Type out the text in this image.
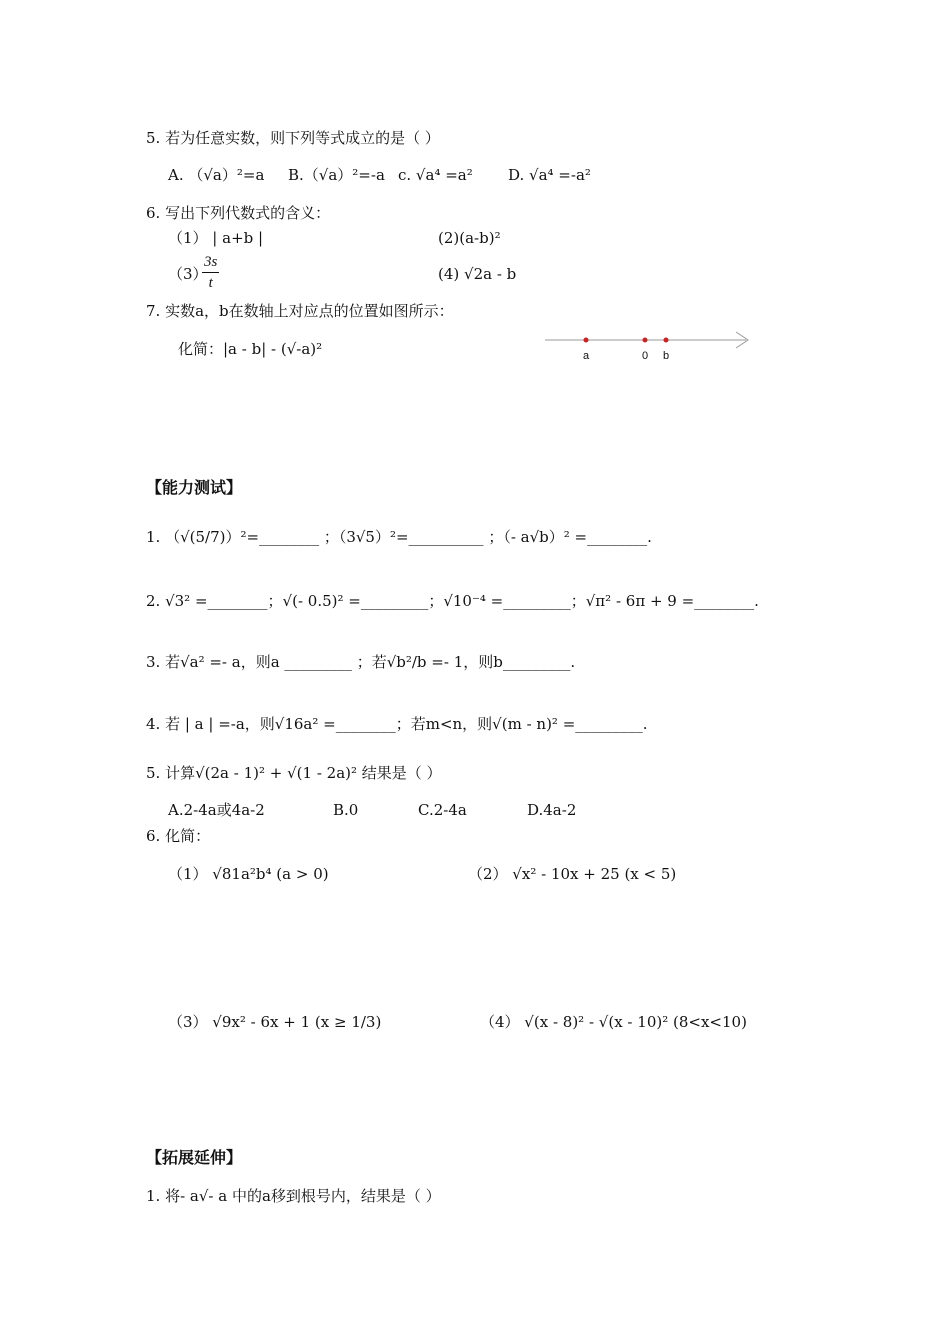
5. 若为任意实数，则下列等式成立的是（ ）
A. （√a）²=a B.（√a）²=-a c. √a⁴ =a² D. √a⁴ =-a²
6. 写出下列代数式的含义：
（1） | a+b |	(2)(a-b)²
（3）
$\frac{3s}{t}$	(4) √2a - b
7. 实数a，b在数轴上对应点的位置如图所示：
化简：|a - b| - (√-a)²	a	0 b
【能力测试】
1. （√(5/7)）²=________ ；（3√5）²=__________ ；（- a√b）² =________.
2. √3² =________；√(- 0.5)² =_________；√10⁻⁴ =_________；√π² - 6π + 9 =________.
3. 若√a² =- a，则a _________ ；若√b²/b =- 1，则b_________.
4. 若 | a | =-a，则√16a² =________；若m<n，则√(m - n)² =_________.
5. 计算√(2a - 1)² + √(1 - 2a)² 结果是（ ）
A.2-4a或4a-2	B.0	C.2-4a	D.4a-2
6. 化简：
（1） √81a²b⁴ (a > 0)	（2） √x² - 10x + 25 (x < 5)
（3） √9x² - 6x + 1 (x ≥ 1/3)	（4） √(x - 8)² - √(x - 10)² (8<x<10)
【拓展延伸】
1. 将- a√- a 中的a移到根号内，结果是（ ）
